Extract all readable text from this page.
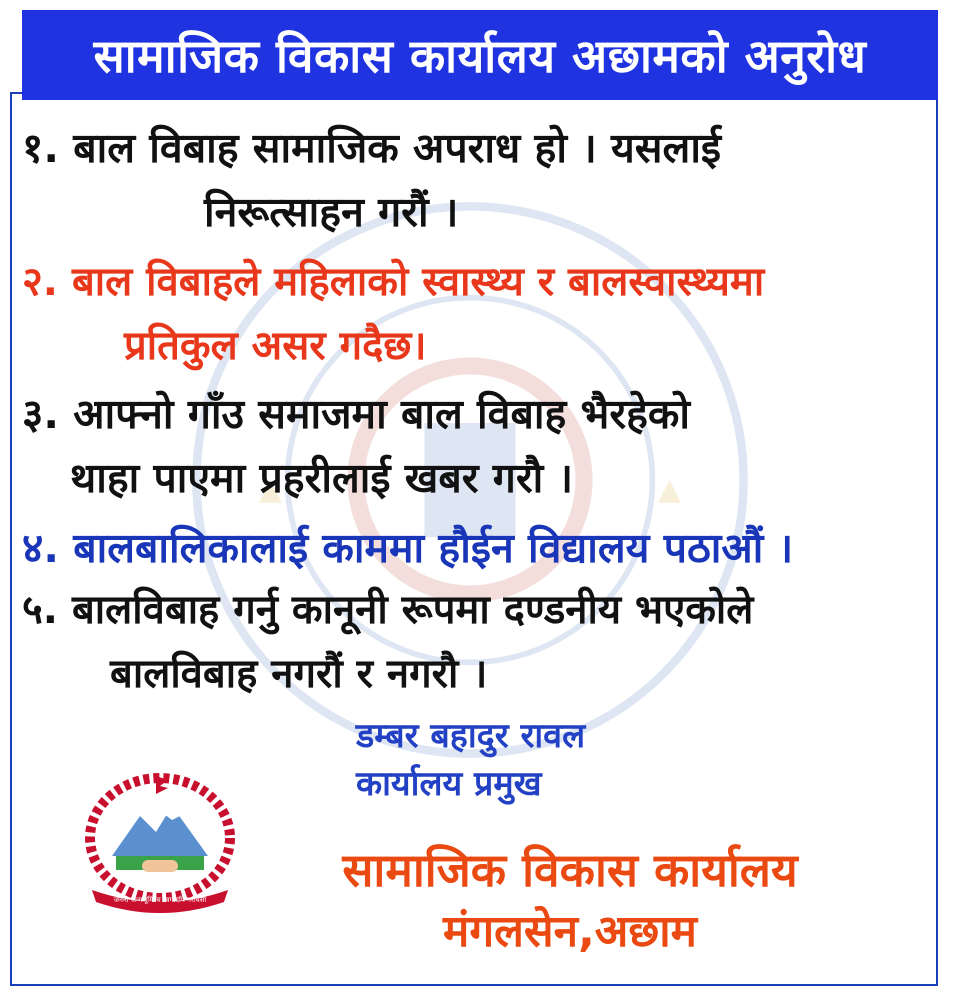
सामाजिक विकास कार्यालय अछामको अनुरोध
१. बाल विबाह सामाजिक अपराध हो । यसलाई
निरूत्साहन गरौं ।
२. बाल विबाहले महिलाको स्वास्थ्य र बालस्वास्थ्यमा
प्रतिकुल असर गदैछ।
३. आफ्नो गाँउ समाजमा बाल विबाह भैरहेको
थाहा पाएमा प्रहरीलाई खबर गरौ ।
४. बालबालिकालाई काममा हौईन विद्यालय पठाऔं ।
५. बालविबाह गर्नु कानूनी रूपमा दण्डनीय भएकोले
बालविबाह नगरौं र नगरौ ।
डम्बर बहादुर रावल
कार्यालय प्रमुख
जननी जन्मभूमिश्च स्वर्गादपि गरीयसी
सामाजिक विकास कार्यालय
मंगलसेन,अछाम
